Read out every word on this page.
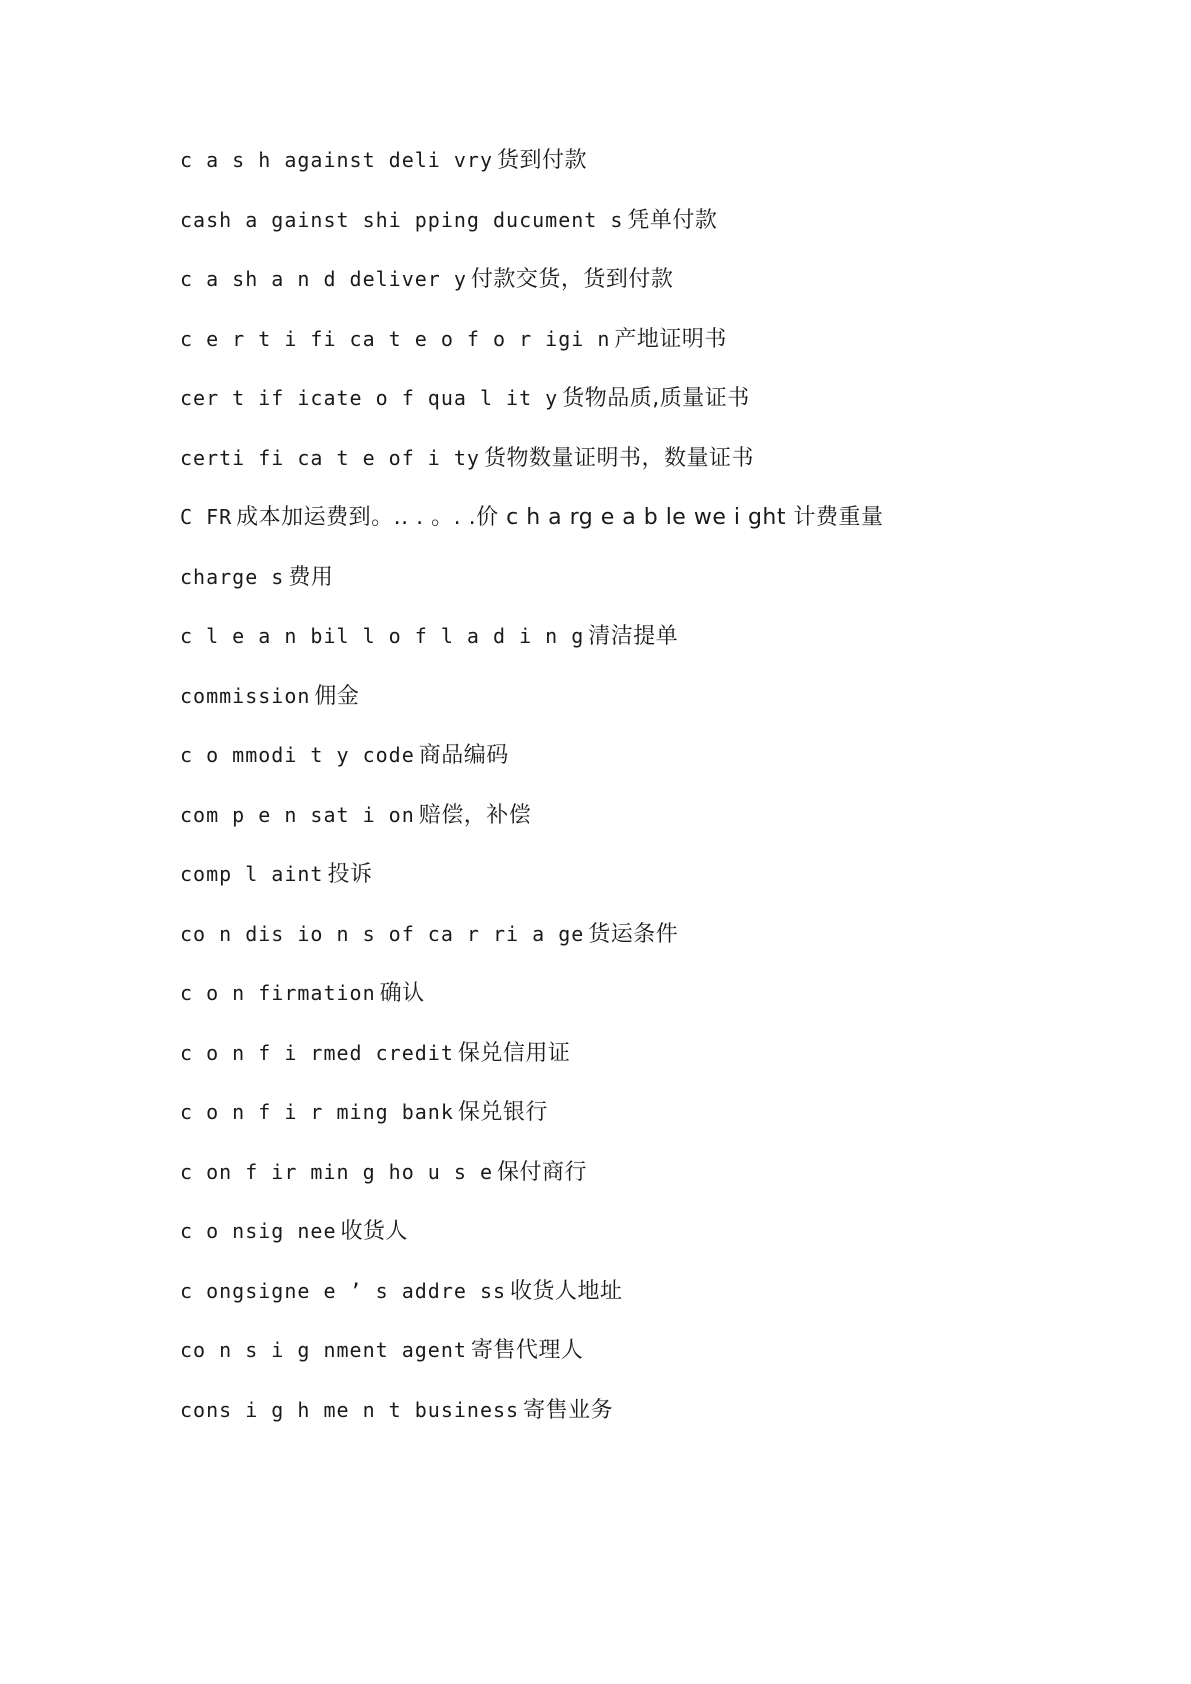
c a s h against deli vry 货到付款
cash a gainst shi pping ducument s 凭单付款
c a sh a n d deliver y 付款交货，货到付款
c e r t i fi ca t e o f o r igi n 产地证明书
cer t if icate o f qua l it y 货物品质,质量证书
certi fi ca t e of i ty 货物数量证明书，数量证书
C FR 成本加运费到。.. . 。. .价 c h a rg e a b le we i ght 计费重量
charge s 费用
c l e a n bil l o f l a d i n g 清洁提单
commission 佣金
c o mmodi t y code 商品编码
com p e n sat i on 赔偿，补偿
comp l aint 投诉
co n dis io n s of ca r ri a ge 货运条件
c o n firmation 确认
c o n f i rmed credit 保兑信用证
c o n f i r ming bank 保兑银行
c on f ir min g ho u s e 保付商行
c o nsig nee 收货人
c ongsigne e ’ s addre ss 收货人地址
co n s i g nment agent 寄售代理人
cons i g h me n t business 寄售业务
